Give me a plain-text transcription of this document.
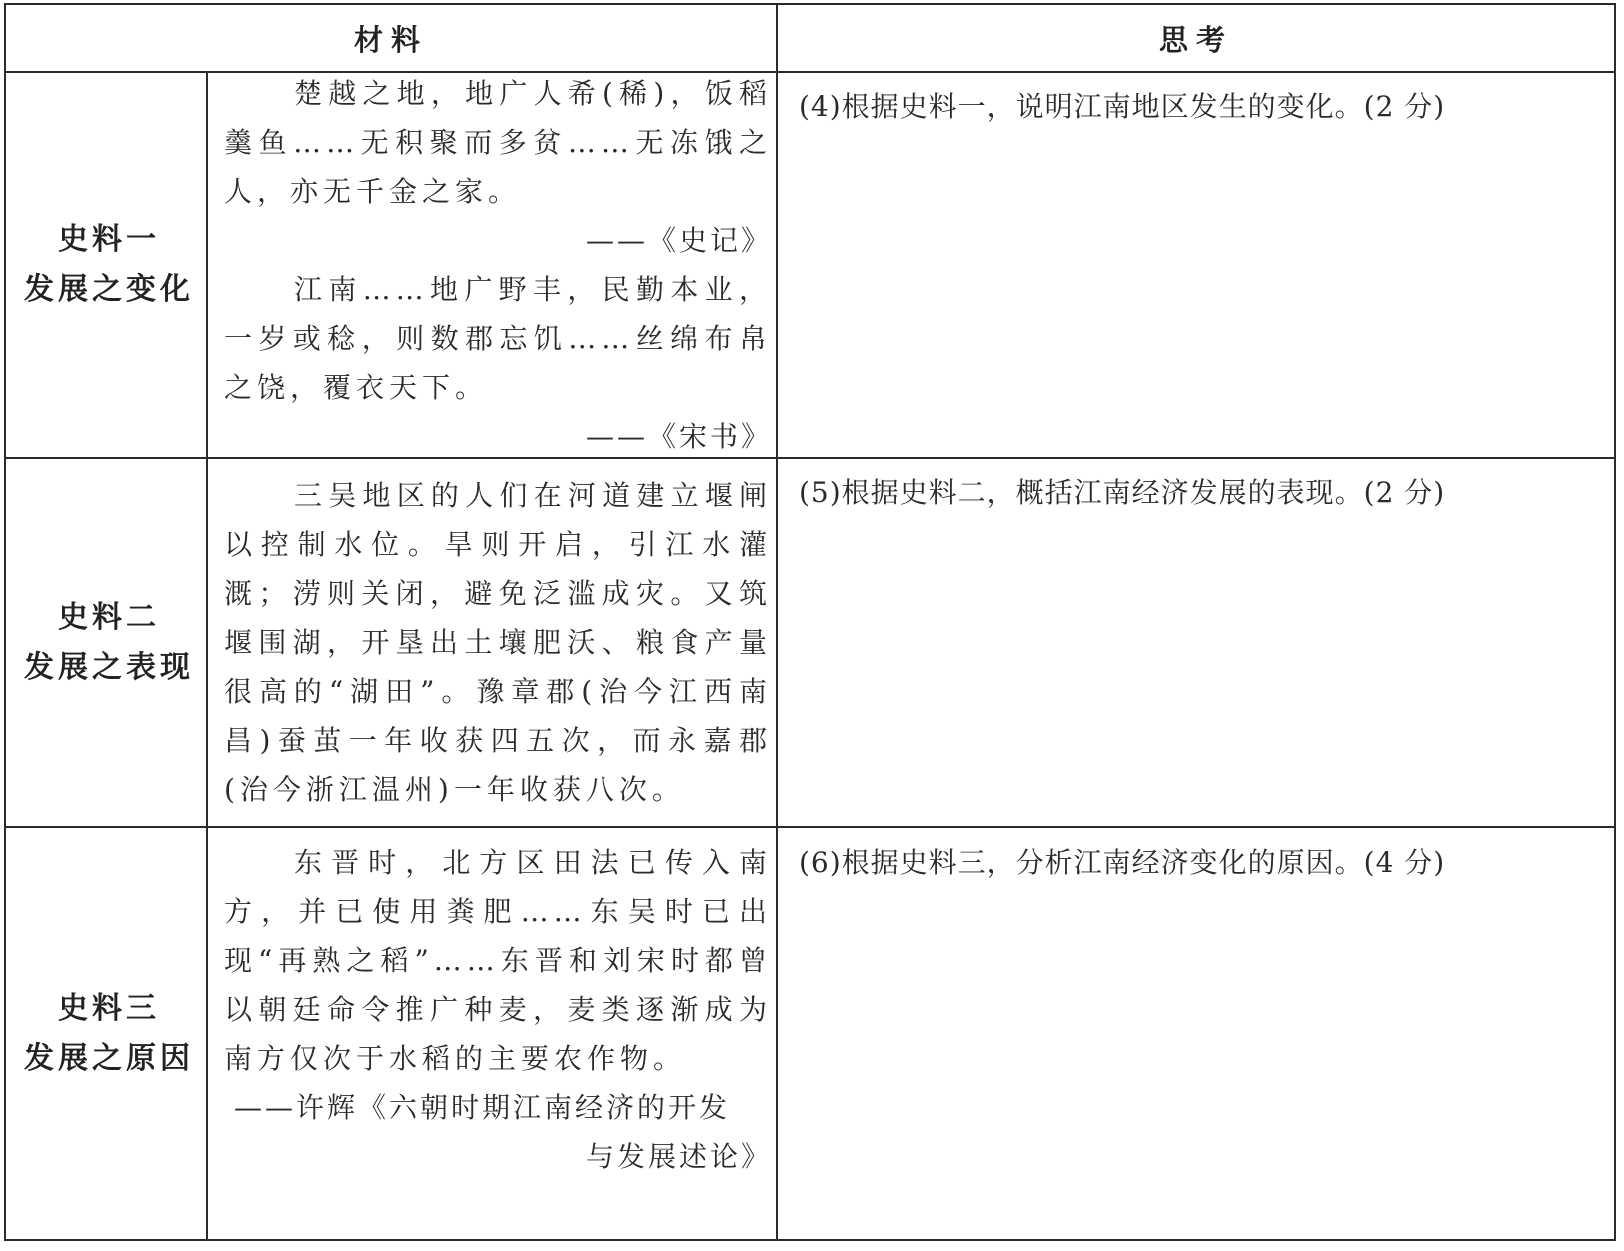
材料	思考
史料一
发展之变化

楚越之地，地广人希(稀)，饭稻羹鱼……无积聚而多贫……无冻饿之人，亦无千金之家。

——《史记》

江南……地广野丰，民勤本业，一岁或稔，则数郡忘饥……丝绵布帛之饶，覆衣天下。

——《宋书》

(4)根据史料一，说明江南地区发生的变化。(2 分)
史料二
发展之表现

三吴地区的人们在河道建立堰闸以控制水位。旱则开启，引江水灌溉；涝则关闭，避免泛滥成灾。又筑堰围湖，开垦出土壤肥沃、粮食产量很高的“湖田”。豫章郡(治今江西南昌)蚕茧一年收获四五次，而永嘉郡(治今浙江温州)一年收获八次。

(5)根据史料二，概括江南经济发展的表现。(2 分)
史料三
发展之原因

东晋时，北方区田法已传入南方，并已使用粪肥……东吴时已出现“再熟之稻”……东晋和刘宋时都曾以朝廷命令推广种麦，麦类逐渐成为南方仅次于水稻的主要农作物。

——许辉《六朝时期江南经济的开发

与发展述论》

(6)根据史料三，分析江南经济变化的原因。(4 分)
